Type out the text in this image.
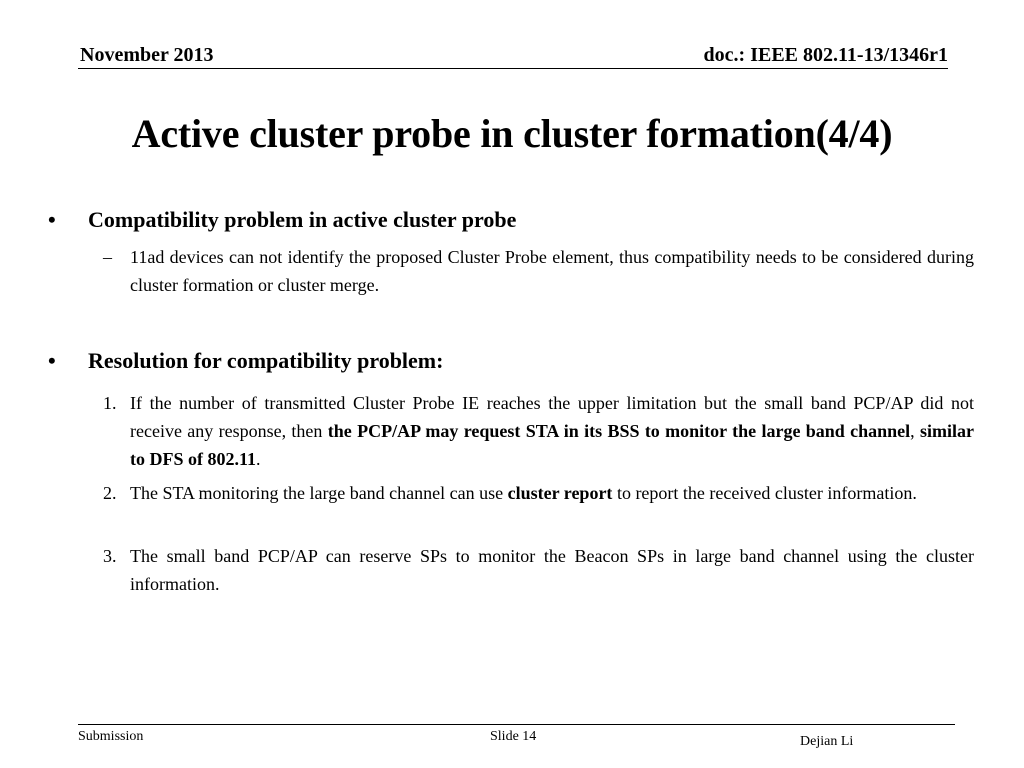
November 2013	doc.: IEEE 802.11-13/1346r1
Active cluster probe in cluster formation(4/4)
• Compatibility problem in active cluster probe
– 11ad devices can not identify the proposed Cluster Probe element, thus compatibility needs to be considered during cluster formation or cluster merge.
• Resolution for compatibility problem:
1. If the number of transmitted Cluster Probe IE reaches the upper limitation but the small band PCP/AP did not receive any response, then the PCP/AP may request STA in its BSS to monitor the large band channel, similar to DFS of 802.11.
2. The STA monitoring the large band channel can use cluster report to report the received cluster information.
3. The small band PCP/AP can reserve SPs to monitor the Beacon SPs in large band channel using the cluster information.
Submission	Slide 14	Dejian Li
